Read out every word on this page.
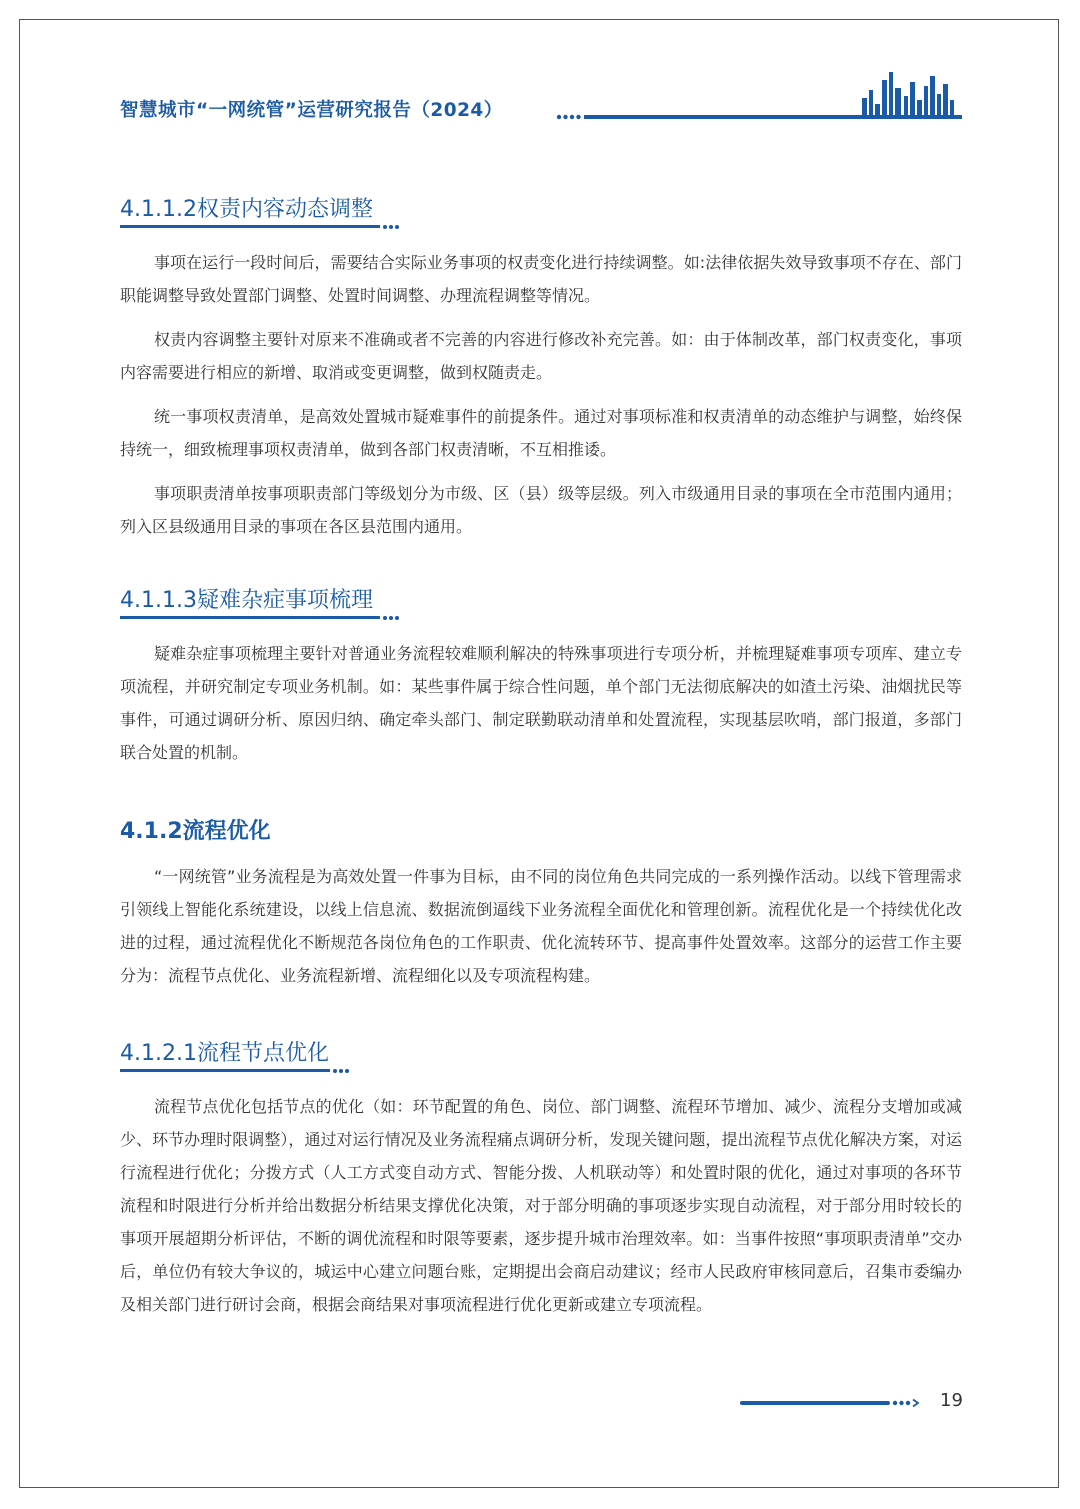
智慧城市“一网统管”运营研究报告（2024）
4.1.1.2权责内容动态调整

事项在运行一段时间后，需要结合实际业务事项的权责变化进行持续调整。如:法律依据失效导致事项不存在、部门职能调整导致处置部门调整、处置时间调整、办理流程调整等情况。

权责内容调整主要针对原来不准确或者不完善的内容进行修改补充完善。如：由于体制改革，部门权责变化，事项内容需要进行相应的新增、取消或变更调整，做到权随责走。

统一事项权责清单，是高效处置城市疑难事件的前提条件。通过对事项标准和权责清单的动态维护与调整，始终保持统一，细致梳理事项权责清单，做到各部门权责清晰，不互相推诿。

事项职责清单按事项职责部门等级划分为市级、区（县）级等层级。列入市级通用目录的事项在全市范围内通用；列入区县级通用目录的事项在各区县范围内通用。

4.1.1.3疑难杂症事项梳理

疑难杂症事项梳理主要针对普通业务流程较难顺利解决的特殊事项进行专项分析，并梳理疑难事项专项库、建立专项流程，并研究制定专项业务机制。如：某些事件属于综合性问题，单个部门无法彻底解决的如渣土污染、油烟扰民等事件，可通过调研分析、原因归纳、确定牵头部门、制定联勤联动清单和处置流程，实现基层吹哨，部门报道，多部门联合处置的机制。

4.1.2流程优化

“一网统管”业务流程是为高效处置一件事为目标，由不同的岗位角色共同完成的一系列操作活动。以线下管理需求引领线上智能化系统建设，以线上信息流、数据流倒逼线下业务流程全面优化和管理创新。流程优化是一个持续优化改进的过程，通过流程优化不断规范各岗位角色的工作职责、优化流转环节、提高事件处置效率。这部分的运营工作主要分为：流程节点优化、业务流程新增、流程细化以及专项流程构建。

4.1.2.1流程节点优化

流程节点优化包括节点的优化（如：环节配置的角色、岗位、部门调整、流程环节增加、减少、流程分支增加或减少、环节办理时限调整），通过对运行情况及业务流程痛点调研分析，发现关键问题，提出流程节点优化解决方案，对运行流程进行优化；分拨方式（人工方式变自动方式、智能分拨、人机联动等）和处置时限的优化，通过对事项的各环节流程和时限进行分析并给出数据分析结果支撑优化决策，对于部分明确的事项逐步实现自动流程，对于部分用时较长的事项开展超期分析评估，不断的调优流程和时限等要素，逐步提升城市治理效率。如：当事件按照“事项职责清单”交办后，单位仍有较大争议的，城运中心建立问题台账，定期提出会商启动建议；经市人民政府审核同意后，召集市委编办及相关部门进行研讨会商，根据会商结果对事项流程进行优化更新或建立专项流程。

19
